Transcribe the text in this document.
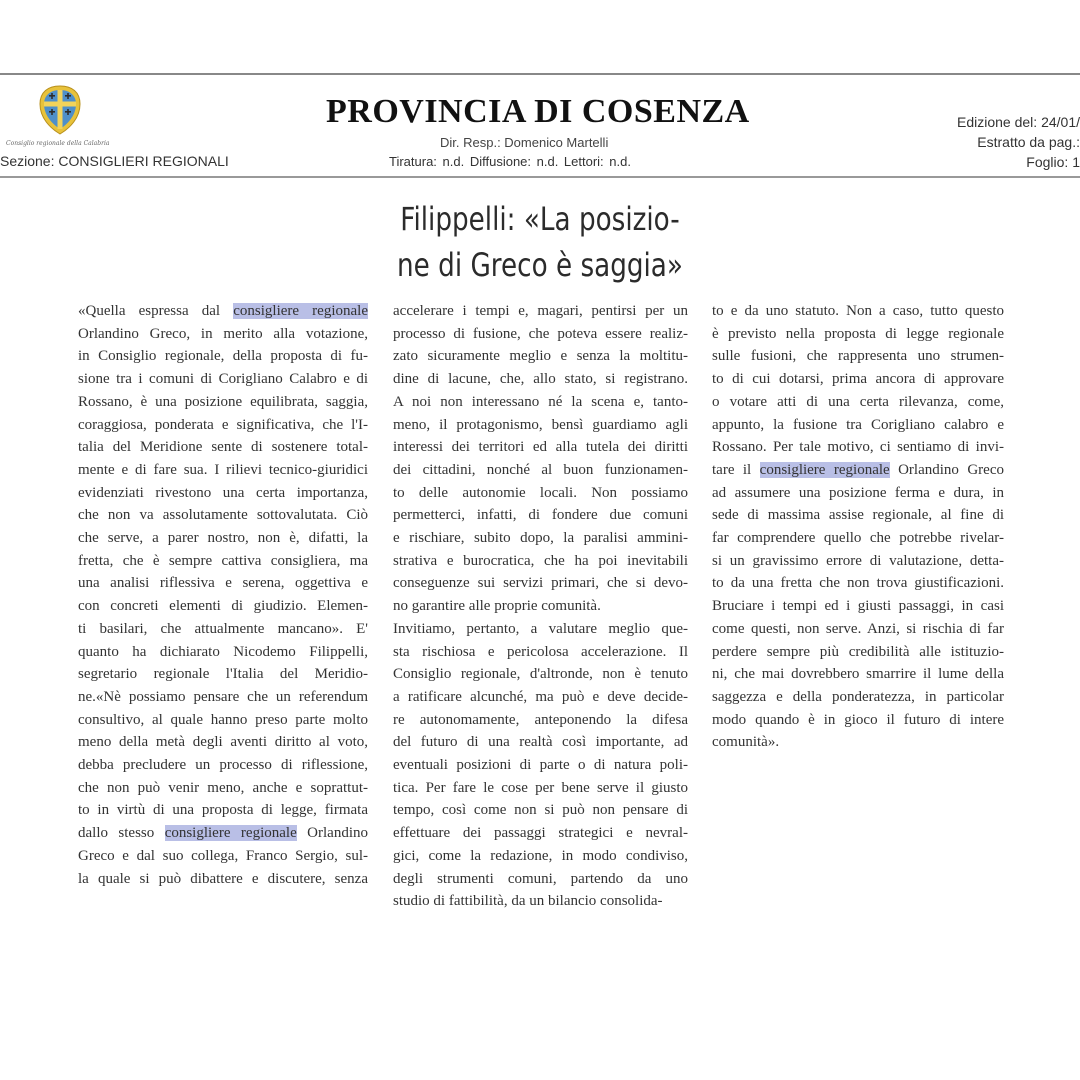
Consiglio regionale della Calabria
PROVINCIA DI COSENZA
Dir. Resp.: Domenico Martelli
Tiratura: n.d. Diffusione: n.d. Lettori: n.d.
Sezione: CONSIGLIERI REGIONALI
Edizione del: 24/01/
Estratto da pag.:
Foglio: 1
Filippelli: «La posizio-
ne di Greco è saggia»
«Quella espressa dal consigliere regionale
Orlandino Greco, in merito alla votazione,
in Consiglio regionale, della proposta di fu-
sione tra i comuni di Corigliano Calabro e di
Rossano, è una posizione equilibrata, saggia,
coraggiosa, ponderata e significativa, che l'I-
talia del Meridione sente di sostenere total-
mente e di fare sua. I rilievi tecnico-giuridici
evidenziati rivestono una certa importanza,
che non va assolutamente sottovalutata. Ciò
che serve, a parer nostro, non è, difatti, la
fretta, che è sempre cattiva consigliera, ma
una analisi riflessiva e serena, oggettiva e
con concreti elementi di giudizio. Elemen-
ti basilari, che attualmente mancano». E'
quanto ha dichiarato Nicodemo Filippelli,
segretario regionale l'Italia del Meridio-
ne.«Nè possiamo pensare che un referendum
consultivo, al quale hanno preso parte molto
meno della metà degli aventi diritto al voto,
debba precludere un processo di riflessione,
che non può venir meno, anche e soprattut-
to in virtù di una proposta di legge, firmata
dallo stesso consigliere regionale Orlandino
Greco e dal suo collega, Franco Sergio, sul-
la quale si può dibattere e discutere, senza
accelerare i tempi e, magari, pentirsi per un
processo di fusione, che poteva essere realiz-
zato sicuramente meglio e senza la moltitu-
dine di lacune, che, allo stato, si registrano.
A noi non interessano né la scena e, tanto-
meno, il protagonismo, bensì guardiamo agli
interessi dei territori ed alla tutela dei diritti
dei cittadini, nonché al buon funzionamen-
to delle autonomie locali. Non possiamo
permetterci, infatti, di fondere due comuni
e rischiare, subito dopo, la paralisi ammini-
strativa e burocratica, che ha poi inevitabili
conseguenze sui servizi primari, che si devo-
no garantire alle proprie comunità.
Invitiamo, pertanto, a valutare meglio que-
sta rischiosa e pericolosa accelerazione. Il
Consiglio regionale, d'altronde, non è tenuto
a ratificare alcunché, ma può e deve decide-
re autonomamente, anteponendo la difesa
del futuro di una realtà così importante, ad
eventuali posizioni di parte o di natura poli-
tica. Per fare le cose per bene serve il giusto
tempo, così come non si può non pensare di
effettuare dei passaggi strategici e nevral-
gici, come la redazione, in modo condiviso,
degli strumenti comuni, partendo da uno
studio di fattibilità, da un bilancio consolida-
to e da uno statuto. Non a caso, tutto questo
è previsto nella proposta di legge regionale
sulle fusioni, che rappresenta uno strumen-
to di cui dotarsi, prima ancora di approvare
o votare atti di una certa rilevanza, come,
appunto, la fusione tra Corigliano calabro e
Rossano. Per tale motivo, ci sentiamo di invi-
tare il consigliere regionale Orlandino Greco
ad assumere una posizione ferma e dura, in
sede di massima assise regionale, al fine di
far comprendere quello che potrebbe rivelar-
si un gravissimo errore di valutazione, detta-
to da una fretta che non trova giustificazioni.
Bruciare i tempi ed i giusti passaggi, in casi
come questi, non serve. Anzi, si rischia di far
perdere sempre più credibilità alle istituzio-
ni, che mai dovrebbero smarrire il lume della
saggezza e della ponderatezza, in particolar
modo quando è in gioco il futuro di intere
comunità».
